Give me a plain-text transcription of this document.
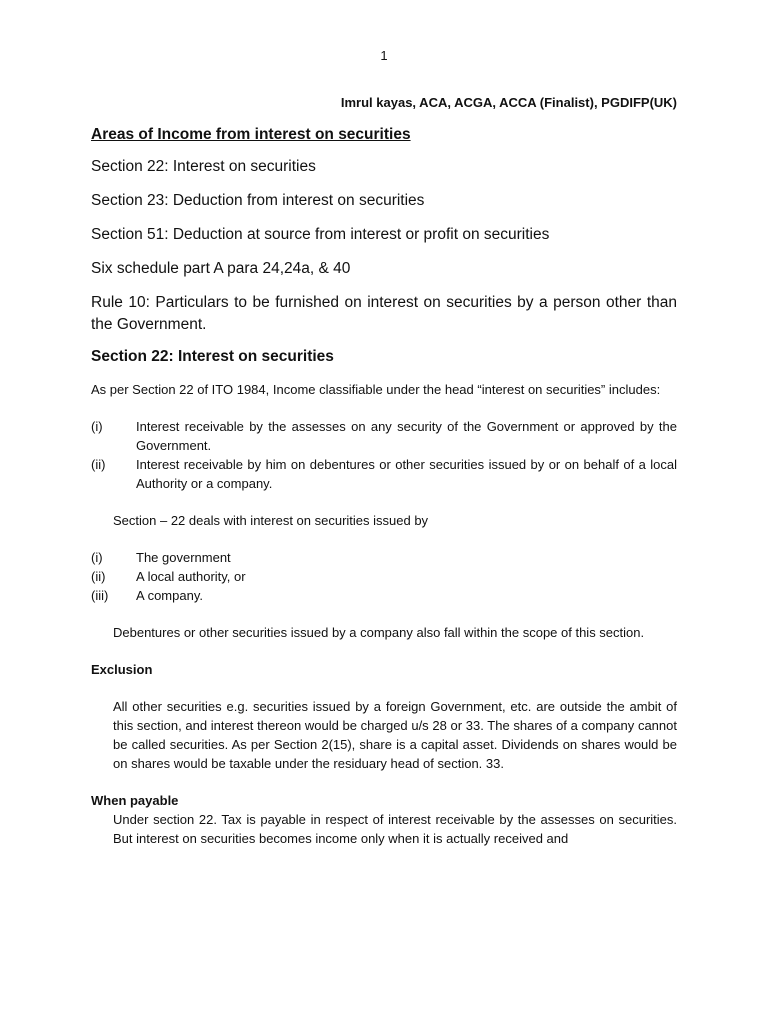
1
Imrul kayas, ACA, ACGA, ACCA (Finalist), PGDIFP(UK)
Areas of Income from interest on securities
Section 22: Interest on securities
Section 23: Deduction from interest on securities
Section 51: Deduction at source from interest or profit on securities
Six schedule part A para 24,24a, & 40
Rule 10: Particulars to be furnished on interest on securities by a person other than the Government.
Section 22: Interest on securities

As per Section 22 of ITO 1984, Income classifiable under the head “interest on securities” includes:

(i)	Interest receivable by the assesses on any security of the Government or approved by the Government.
(ii)	Interest receivable by him on debentures or other securities issued by or on behalf of a local Authority or a company.

Section – 22 deals with interest on securities issued by

(i)	The government
(ii)	A local authority, or
(iii)	A company.

Debentures or other securities issued by a company also fall within the scope of this section.

Exclusion

All other securities e.g. securities issued by a foreign Government, etc. are outside the ambit of this section, and interest thereon would be charged u/s 28 or 33. The shares of a company cannot be called securities. As per Section 2(15), share is a capital asset. Dividends on shares would be on shares would be taxable under the residuary head of section. 33.

When payable

Under section 22. Tax is payable in respect of interest receivable by the assesses on securities. But interest on securities becomes income only when it is actually received and
